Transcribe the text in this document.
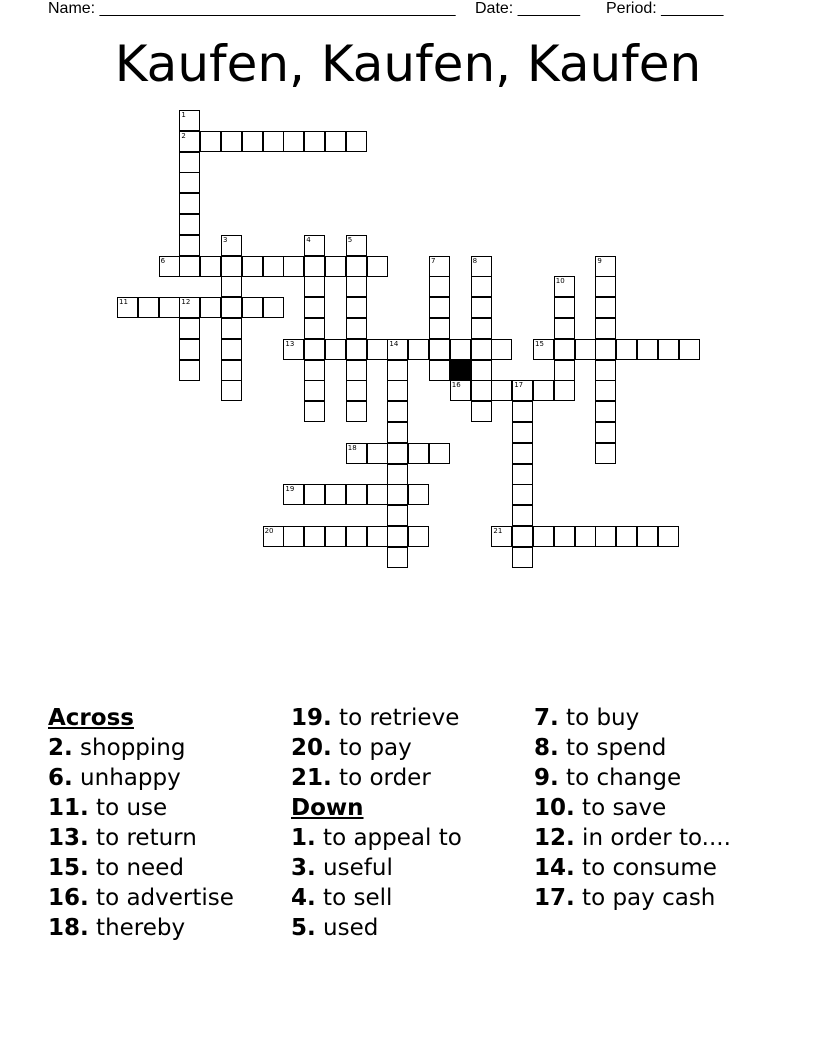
Name: ________________________________________ Date: _______ Period: _______
Kaufen, Kaufen, Kaufen
1
2
3	4	5
6	7	8	9
10
11	12
13	14	15
16	17
18
19
20	21
Across
2. shopping
6. unhappy
11. to use
13. to return
15. to need
16. to advertise
18. thereby
19. to retrieve
20. to pay
21. to order
Down
1. to appeal to
3. useful
4. to sell
5. used
7. to buy
8. to spend
9. to change
10. to save
12. in order to....
14. to consume
17. to pay cash
